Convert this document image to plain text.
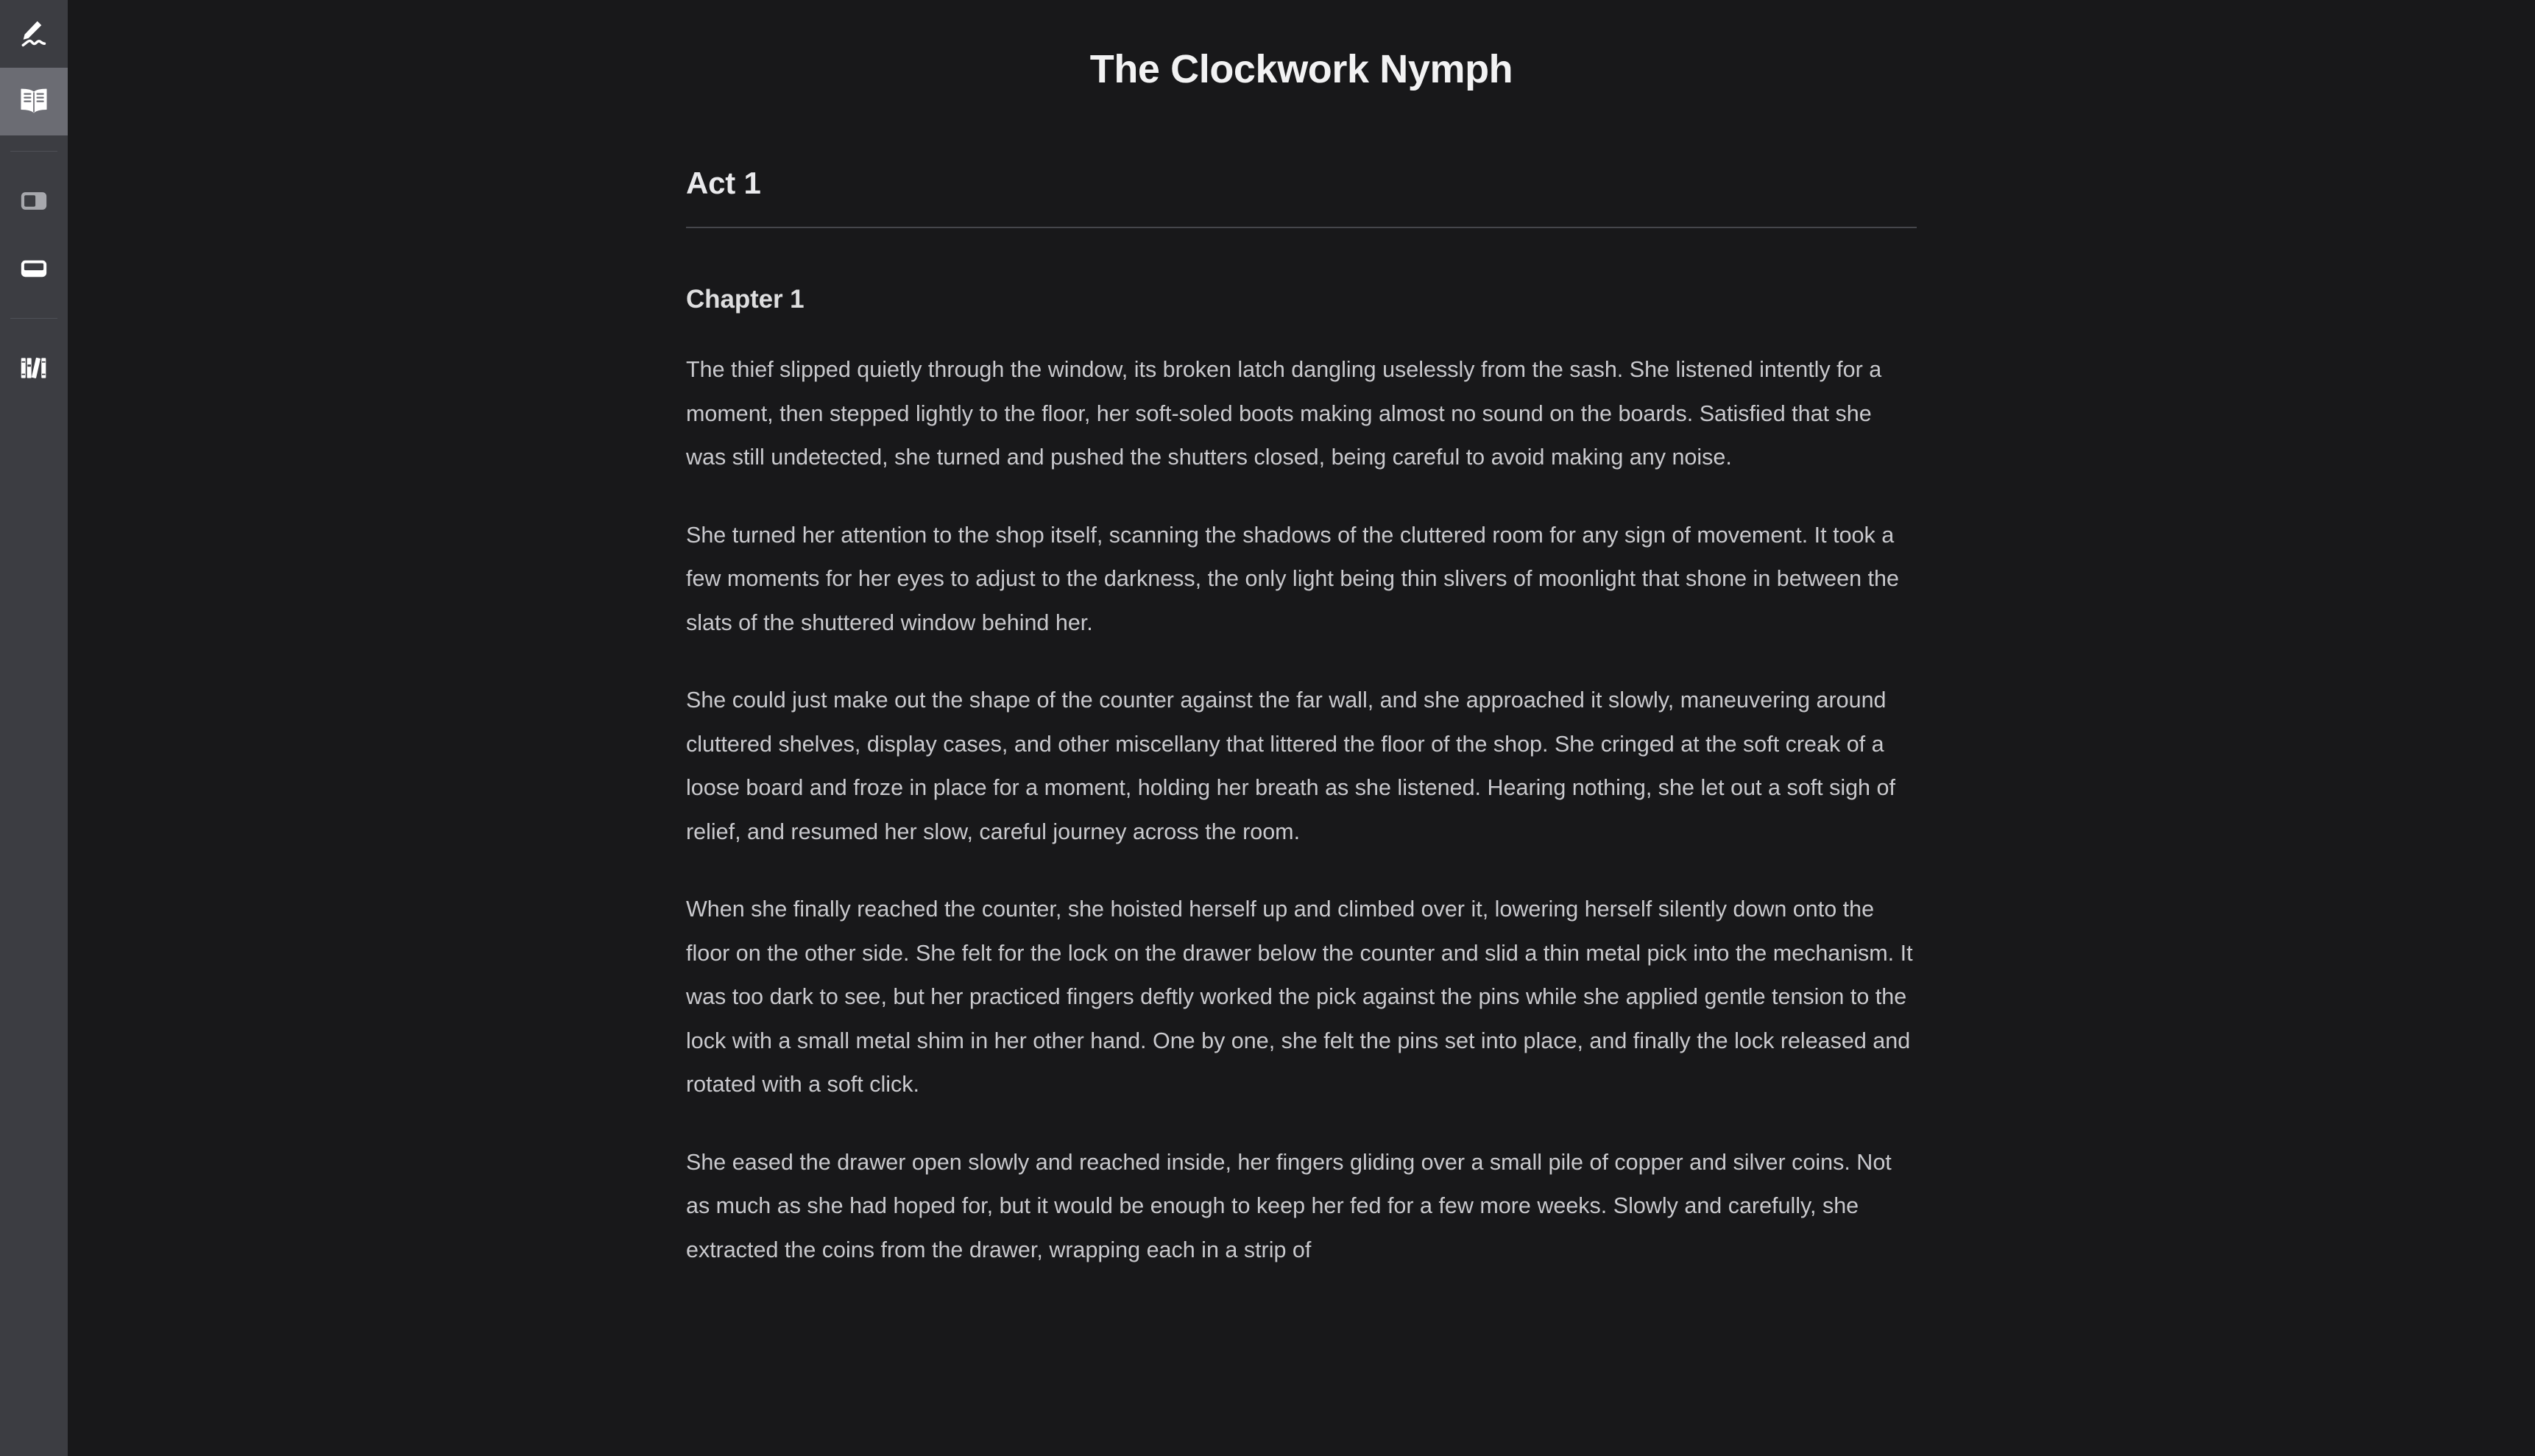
The Clockwork Nymph
Act 1
Chapter 1

The thief slipped quietly through the window, its broken latch dangling uselessly from the sash. She listened intently for a moment, then stepped lightly to the floor, her soft-soled boots making almost no sound on the boards. Satisfied that she was still undetected, she turned and pushed the shutters closed, being careful to avoid making any noise.

She turned her attention to the shop itself, scanning the shadows of the cluttered room for any sign of movement. It took a few moments for her eyes to adjust to the darkness, the only light being thin slivers of moonlight that shone in between the slats of the shuttered window behind her.

She could just make out the shape of the counter against the far wall, and she approached it slowly, maneuvering around cluttered shelves, display cases, and other miscellany that littered the floor of the shop. She cringed at the soft creak of a loose board and froze in place for a moment, holding her breath as she listened. Hearing nothing, she let out a soft sigh of relief, and resumed her slow, careful journey across the room.

When she finally reached the counter, she hoisted herself up and climbed over it, lowering herself silently down onto the floor on the other side. She felt for the lock on the drawer below the counter and slid a thin metal pick into the mechanism. It was too dark to see, but her practiced fingers deftly worked the pick against the pins while she applied gentle tension to the lock with a small metal shim in her other hand. One by one, she felt the pins set into place, and finally the lock released and rotated with a soft click.

She eased the drawer open slowly and reached inside, her fingers gliding over a small pile of copper and silver coins. Not as much as she had hoped for, but it would be enough to keep her fed for a few more weeks. Slowly and carefully, she extracted the coins from the drawer, wrapping each in a strip of
